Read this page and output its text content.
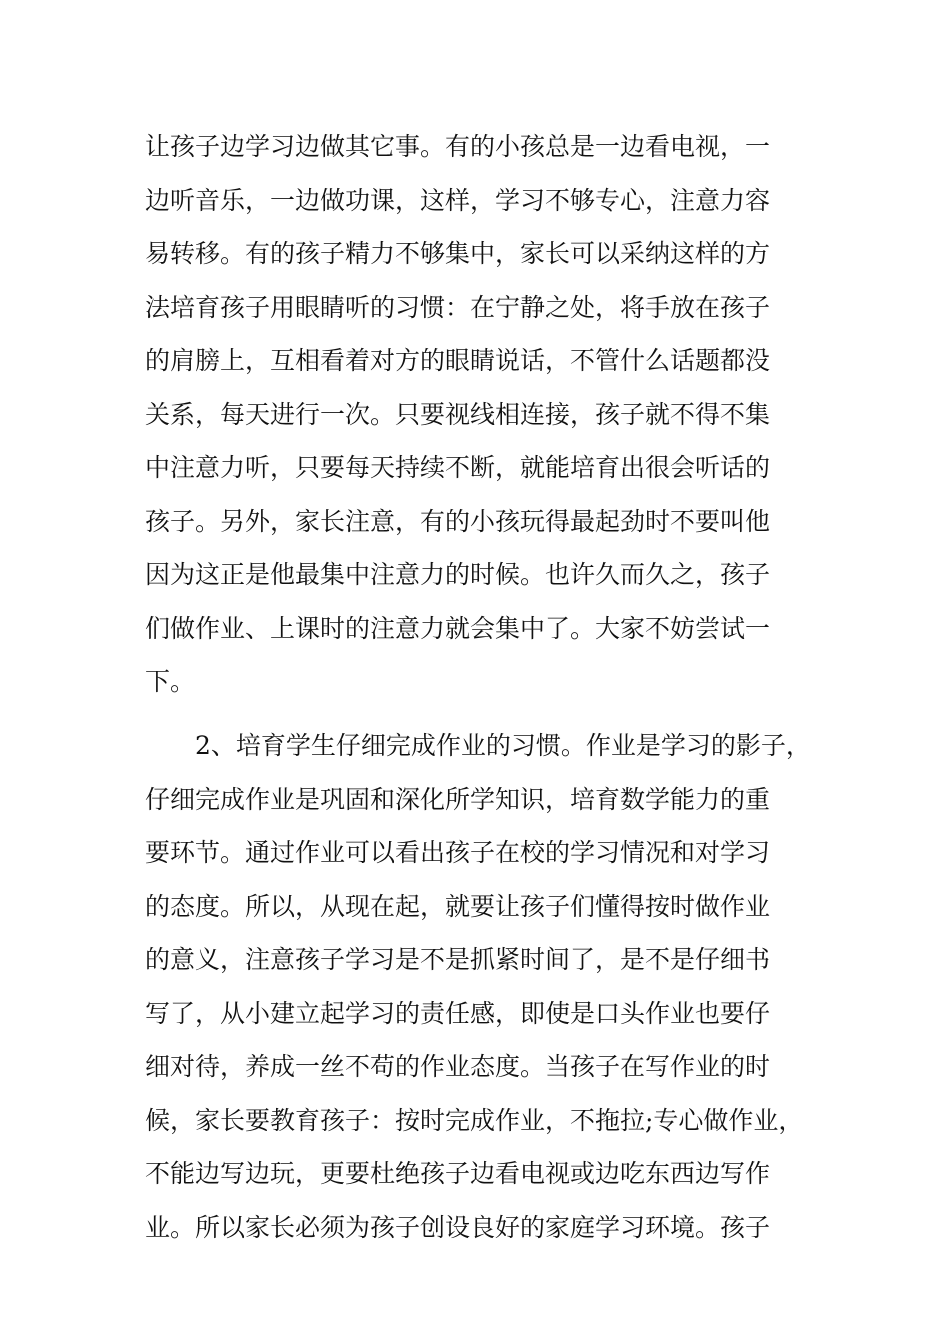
让孩子边学习边做其它事。有的小孩总是一边看电视，一
边听音乐，一边做功课，这样，学习不够专心，注意力容
易转移。有的孩子精力不够集中，家长可以采纳这样的方
法培育孩子用眼睛听的习惯：在宁静之处，将手放在孩子
的肩膀上，互相看着对方的眼睛说话，不管什么话题都没
关系，每天进行一次。只要视线相连接，孩子就不得不集
中注意力听，只要每天持续不断，就能培育出很会听话的
孩子。另外，家长注意，有的小孩玩得最起劲时不要叫他
因为这正是他最集中注意力的时候。也许久而久之，孩子
们做作业、上课时的注意力就会集中了。大家不妨尝试一
下。
2、培育学生仔细完成作业的习惯。作业是学习的影子，
仔细完成作业是巩固和深化所学知识，培育数学能力的重
要环节。通过作业可以看出孩子在校的学习情况和对学习
的态度。所以，从现在起，就要让孩子们懂得按时做作业
的意义，注意孩子学习是不是抓紧时间了，是不是仔细书
写了，从小建立起学习的责任感，即使是口头作业也要仔
细对待，养成一丝不苟的作业态度。当孩子在写作业的时
候，家长要教育孩子：按时完成作业，不拖拉;专心做作业，
不能边写边玩，更要杜绝孩子边看电视或边吃东西边写作
业。所以家长必须为孩子创设良好的家庭学习环境。孩子
